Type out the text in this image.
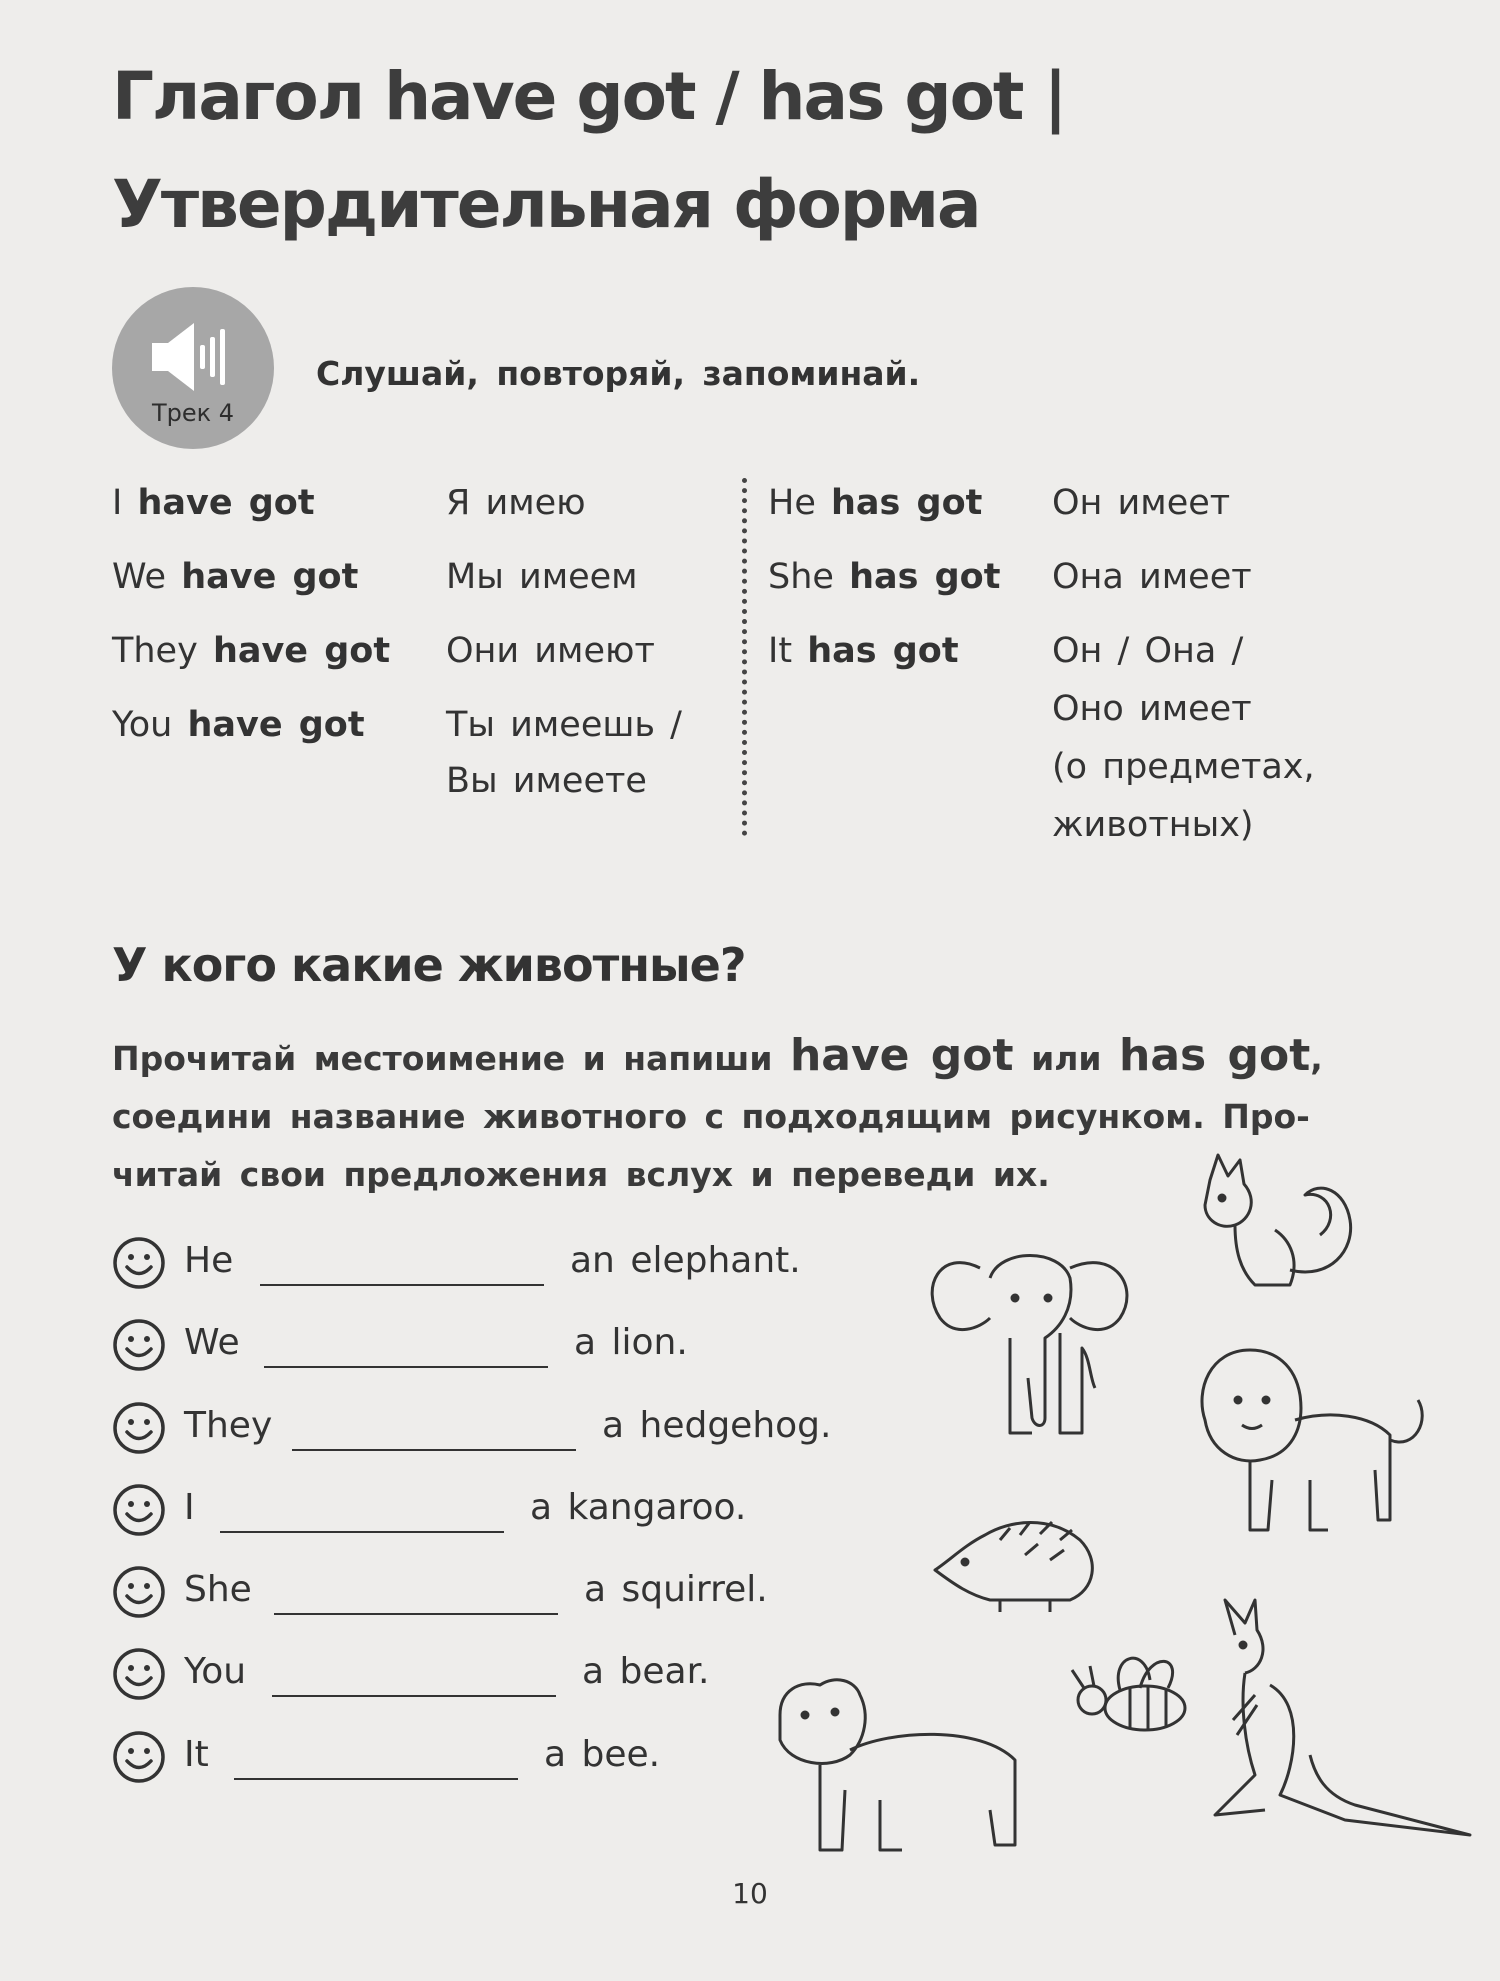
Глагол have got / has got |
Утвердительная форма
Трек 4
Слушай, повторяй, запоминай.
I have got	Я имею
We have got	Мы имеем
They have got Они имеют
You have got Ты имеешь /
Вы имеете
He has got Он имеет
She has got Она имеет
It has got	Он / Она /
Оно имеет
(о предметах,
животных)
У кого какие животные?
Прочитай местоимение и напиши have got или has got,
соедини название животного с подходящим рисунком. Про-
читай свои предложения вслух и переведи их.
He	an elephant.
We	a lion.
They	a hedgehog.
I	a kangaroo.
She	a squirrel.
You	a bear.
It	a bee.
10
